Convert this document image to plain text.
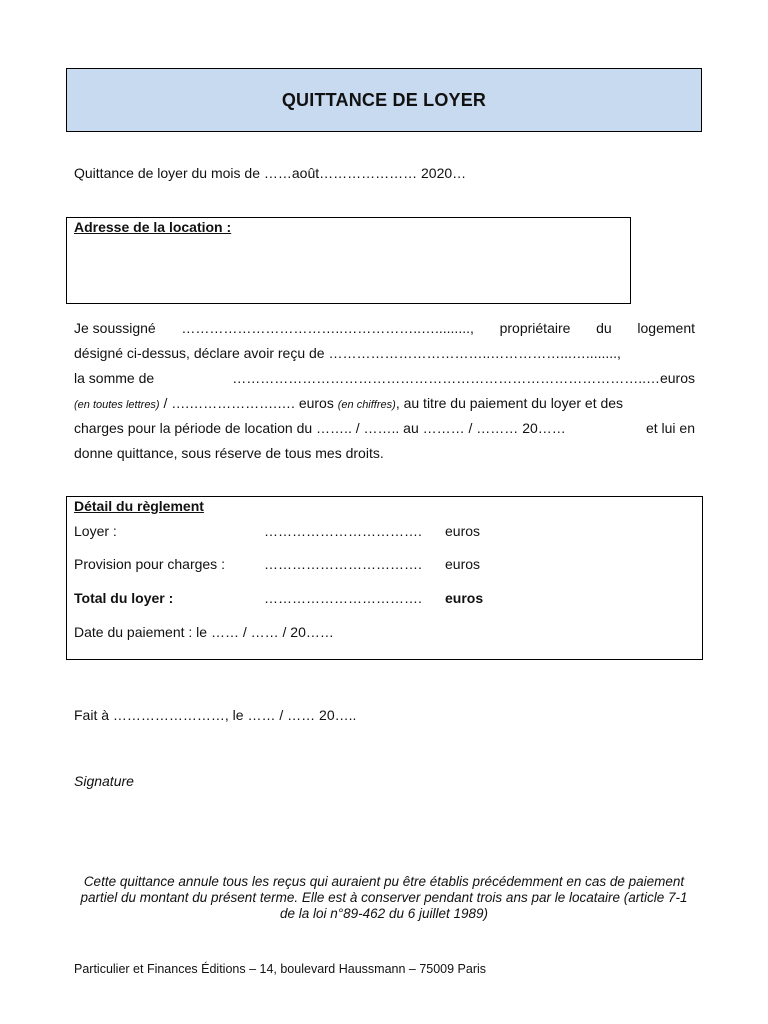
QUITTANCE DE LOYER
Quittance de loyer du mois de ……août………………… 2020…
Adresse de la location :
Je soussigné ……………………………..……………..…........., propriétaire du logement
désigné ci-dessus, déclare avoir reçu de ……………………………..……………...…........,
la somme de	……………………………………………………………………………..…euros
(en toutes lettres) / ….……………….…. euros (en chiffres), au titre du paiement du loyer et des
charges pour la période de location du …….. / …….. au ……… / ……… 20……	et lui en
donne quittance, sous réserve de tous mes droits.
Détail du règlement
Loyer :	……………………………. euros
Provision pour charges :	……………………………. euros
Total du loyer :	……………………………. euros
Date du paiement : le …… / …… / 20……
Fait à ……………………, le …… / …… 20…..
Signature
Cette quittance annule tous les reçus qui auraient pu être établis précédemment en cas de paiement partiel du montant du présent terme. Elle est à conserver pendant trois ans par le locataire (article 7-1 de la loi n°89-462 du 6 juillet 1989)
Particulier et Finances Éditions – 14, boulevard Haussmann – 75009 Paris
